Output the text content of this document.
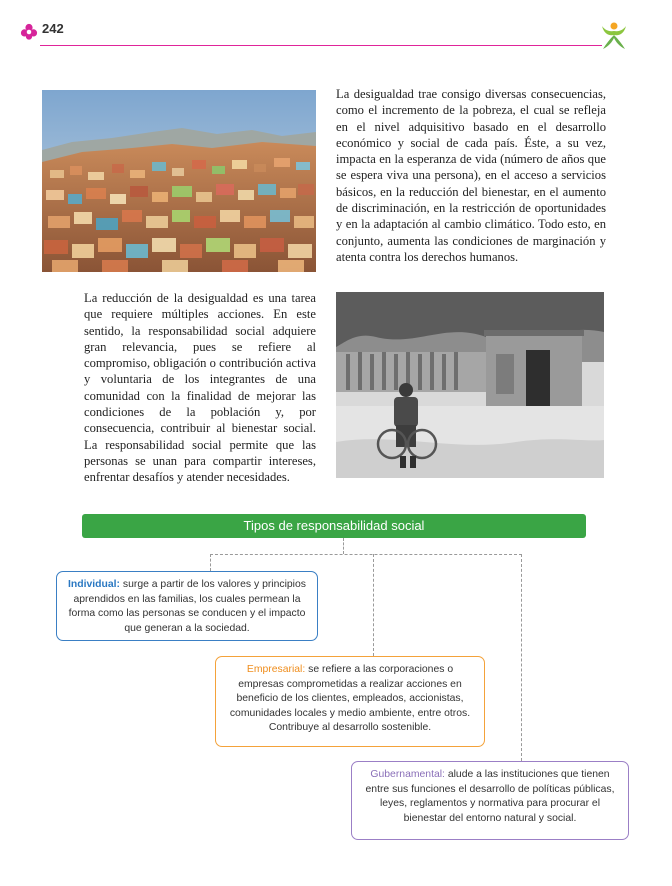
242
La desigualdad trae consigo diversas consecuencias, como el incremento de la pobreza, el cual se refleja en el nivel adquisitivo basado en el desarrollo económico y social de cada país. Éste, a su vez, impacta en la esperanza de vida (número de años que se espera viva una persona), en el acceso a servicios básicos, en la reducción del bienestar, en el aumento de discriminación, en la restricción de oportunidades y en la adaptación al cambio climático. Todo esto, en conjunto, aumenta las condiciones de marginación y atenta contra los derechos humanos.
La reducción de la desigualdad es una tarea que requiere múltiples acciones. En este sentido, la responsabilidad social adquiere gran relevancia, pues se refiere al compromiso, obligación o contribución activa y voluntaria de los integrantes de una comunidad con la finalidad de mejorar las condiciones de la población y, por consecuencia, contribuir al bienestar social. La responsabilidad social permite que las personas se unan para compartir intereses, enfrentar desafíos y atender necesidades.
Tipos de responsabilidad social
Individual: surge a partir de los valores y principios aprendidos en las familias, los cuales permean la forma como las personas se conducen y el impacto que generan a la sociedad.
Empresarial: se refiere a las corporaciones o empresas comprometidas a realizar acciones en beneficio de los clientes, empleados, accionistas, comunidades locales y medio ambiente, entre otros. Contribuye al desarrollo sostenible.
Gubernamental: alude a las instituciones que tienen entre sus funciones el desarrollo de políticas públicas, leyes, reglamentos y normativa para procurar el bienestar del entorno natural y social.
